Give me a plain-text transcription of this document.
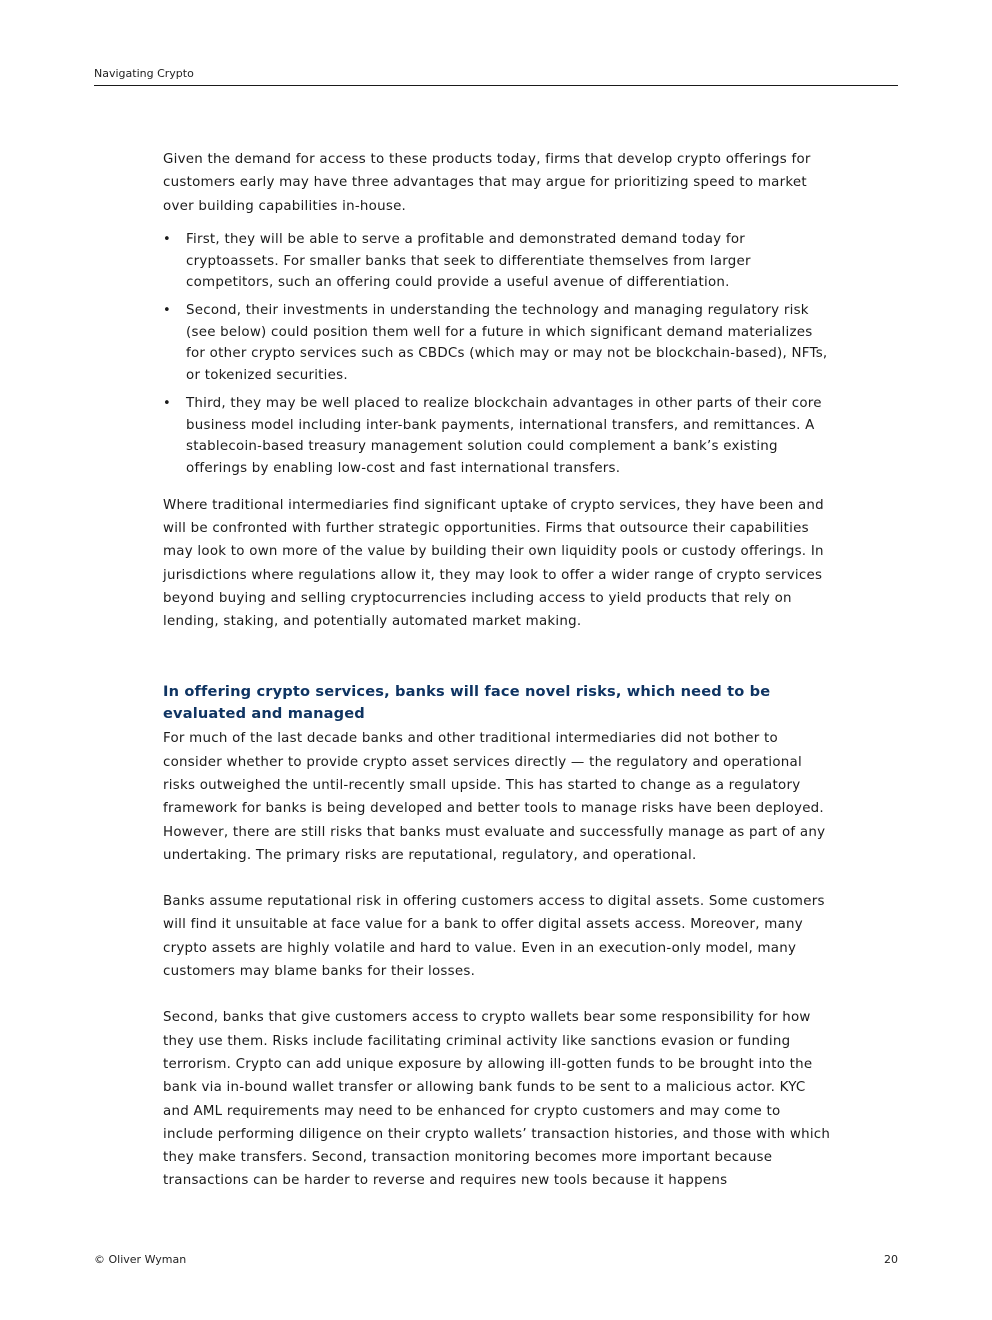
Navigating Crypto

Given the demand for access to these products today, firms that develop crypto offerings for customers early may have three advantages that may argue for prioritizing speed to market over building capabilities in-house.

• First, they will be able to serve a profitable and demonstrated demand today for cryptoassets. For smaller banks that seek to differentiate themselves from larger competitors, such an offering could provide a useful avenue of differentiation.
• Second, their investments in understanding the technology and managing regulatory risk (see below) could position them well for a future in which significant demand materializes for other crypto services such as CBDCs (which may or may not be blockchain-based), NFTs, or tokenized securities.
• Third, they may be well placed to realize blockchain advantages in other parts of their core business model including inter-bank payments, international transfers, and remittances. A stablecoin-based treasury management solution could complement a bank’s existing offerings by enabling low-cost and fast international transfers.

Where traditional intermediaries find significant uptake of crypto services, they have been and will be confronted with further strategic opportunities. Firms that outsource their capabilities may look to own more of the value by building their own liquidity pools or custody offerings. In jurisdictions where regulations allow it, they may look to offer a wider range of crypto services beyond buying and selling cryptocurrencies including access to yield products that rely on lending, staking, and potentially automated market making.

In offering crypto services, banks will face novel risks, which need to be evaluated and managed

For much of the last decade banks and other traditional intermediaries did not bother to consider whether to provide crypto asset services directly — the regulatory and operational risks outweighed the until-recently small upside. This has started to change as a regulatory framework for banks is being developed and better tools to manage risks have been deployed. However, there are still risks that banks must evaluate and successfully manage as part of any undertaking. The primary risks are reputational, regulatory, and operational.

Banks assume reputational risk in offering customers access to digital assets. Some customers will find it unsuitable at face value for a bank to offer digital assets access. Moreover, many crypto assets are highly volatile and hard to value. Even in an execution-only model, many customers may blame banks for their losses.

Second, banks that give customers access to crypto wallets bear some responsibility for how they use them. Risks include facilitating criminal activity like sanctions evasion or funding terrorism. Crypto can add unique exposure by allowing ill-gotten funds to be brought into the bank via in-bound wallet transfer or allowing bank funds to be sent to a malicious actor. KYC and AML requirements may need to be enhanced for crypto customers and may come to include performing diligence on their crypto wallets’ transaction histories, and those with which they make transfers. Second, transaction monitoring becomes more important because transactions can be harder to reverse and requires new tools because it happens

© Oliver Wyman	20
